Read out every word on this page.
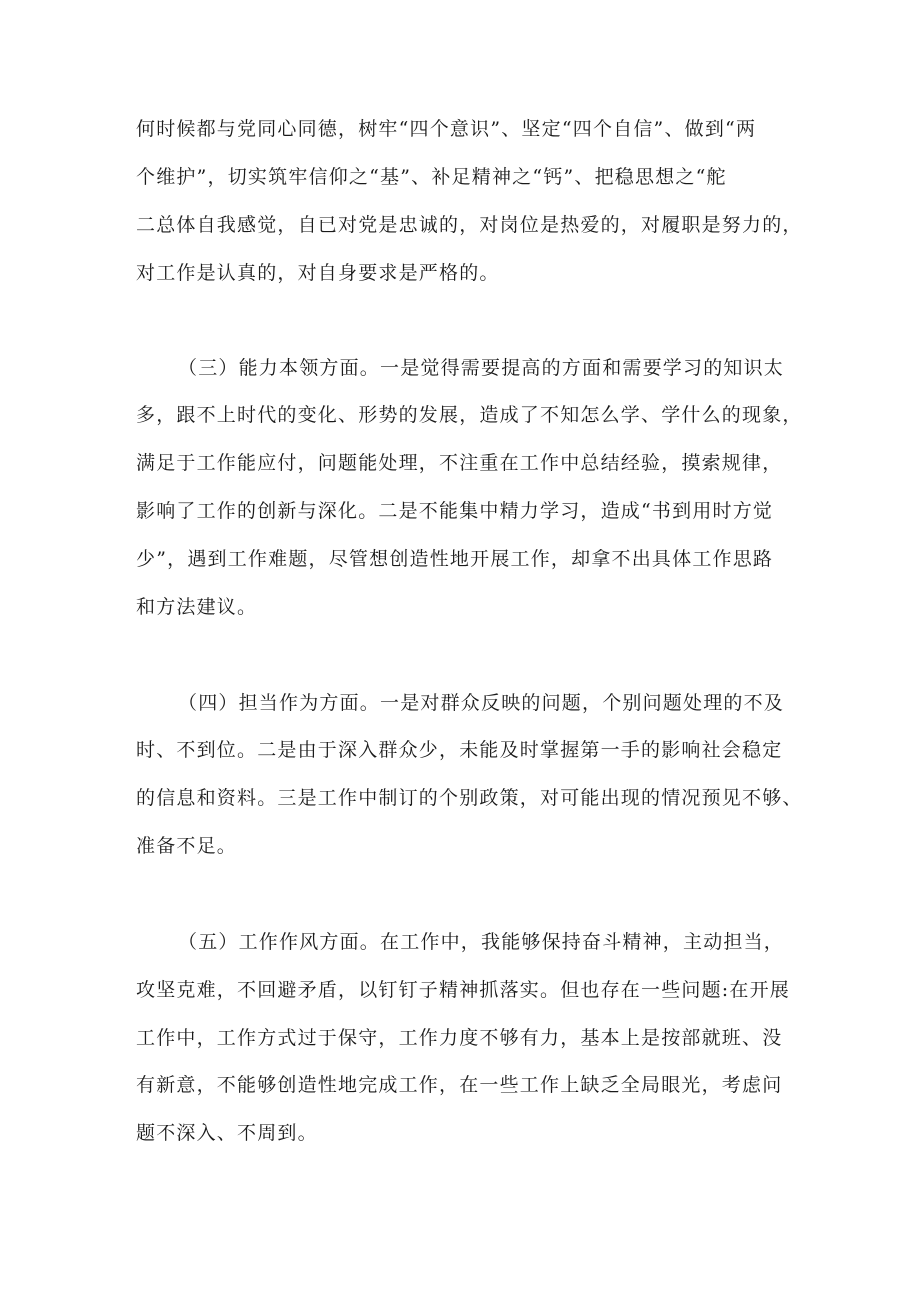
何时候都与党同心同德，树牢“四个意识”、坚定“四个自信”、做到“两

个维护”，切实筑牢信仰之“基”、补足精神之“钙”、把稳思想之“舵

二总体自我感觉，自已对党是忠诚的，对岗位是热爱的，对履职是努力的，

对工作是认真的，对自身要求是严格的。

（三）能力本领方面。一是觉得需要提高的方面和需要学习的知识太

多，跟不上时代的变化、形势的发展，造成了不知怎么学、学什么的现象，

满足于工作能应付，问题能处理，不注重在工作中总结经验，摸索规律，

影响了工作的创新与深化。二是不能集中精力学习，造成“书到用时方觉

少”，遇到工作难题，尽管想创造性地开展工作，却拿不出具体工作思路

和方法建议。

（四）担当作为方面。一是对群众反映的问题，个别问题处理的不及

时、不到位。二是由于深入群众少，未能及时掌握第一手的影响社会稳定

的信息和资料。三是工作中制订的个别政策，对可能出现的情况预见不够、

准备不足。

（五）工作作风方面。在工作中，我能够保持奋斗精神，主动担当，

攻坚克难，不回避矛盾，以钉钉子精神抓落实。但也存在一些问题:在开展

工作中，工作方式过于保守，工作力度不够有力，基本上是按部就班、没

有新意，不能够创造性地完成工作，在一些工作上缺乏全局眼光，考虑问

题不深入、不周到。
